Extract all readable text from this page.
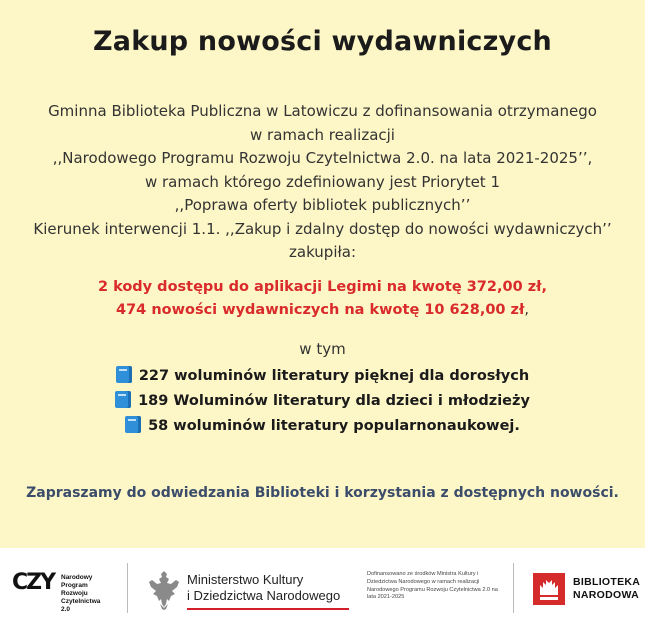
Zakup nowości wydawniczych
Gminna Biblioteka Publiczna w Latowiczu z dofinansowania otrzymanego
w ramach realizacji
,,Narodowego Programu Rozwoju Czytelnictwa 2.0. na lata 2021-2025’’,
w ramach którego zdefiniowany jest Priorytet 1
,,Poprawa oferty bibliotek publicznych’’
Kierunek interwencji 1.1. ,,Zakup i zdalny dostęp do nowości wydawniczych’’
zakupiła:
2 kody dostępu do aplikacji Legimi na kwotę 372,00 zł,
474 nowości wydawniczych na kwotę 10 628,00 zł,
w tym
227 woluminów literatury pięknej dla dorosłych
189 Woluminów literatury dla dzieci i młodzieży
58 woluminów literatury popularnonaukowej.
Zapraszamy do odwiedzania Biblioteki i korzystania z dostępnych nowości.
CZY Narodowy
Program
Rozwoju
Czytelnictwa
2.0
Ministerstwo Kultury
i Dziedzictwa Narodowego
Dofinansowano ze środków Ministra Kultury i Dziedzictwa Narodowego w ramach realizacji Narodowego Programu Rozwoju Czytelnictwa 2.0 na lata 2021-2025
BIBLIOTEKA
NARODOWA
